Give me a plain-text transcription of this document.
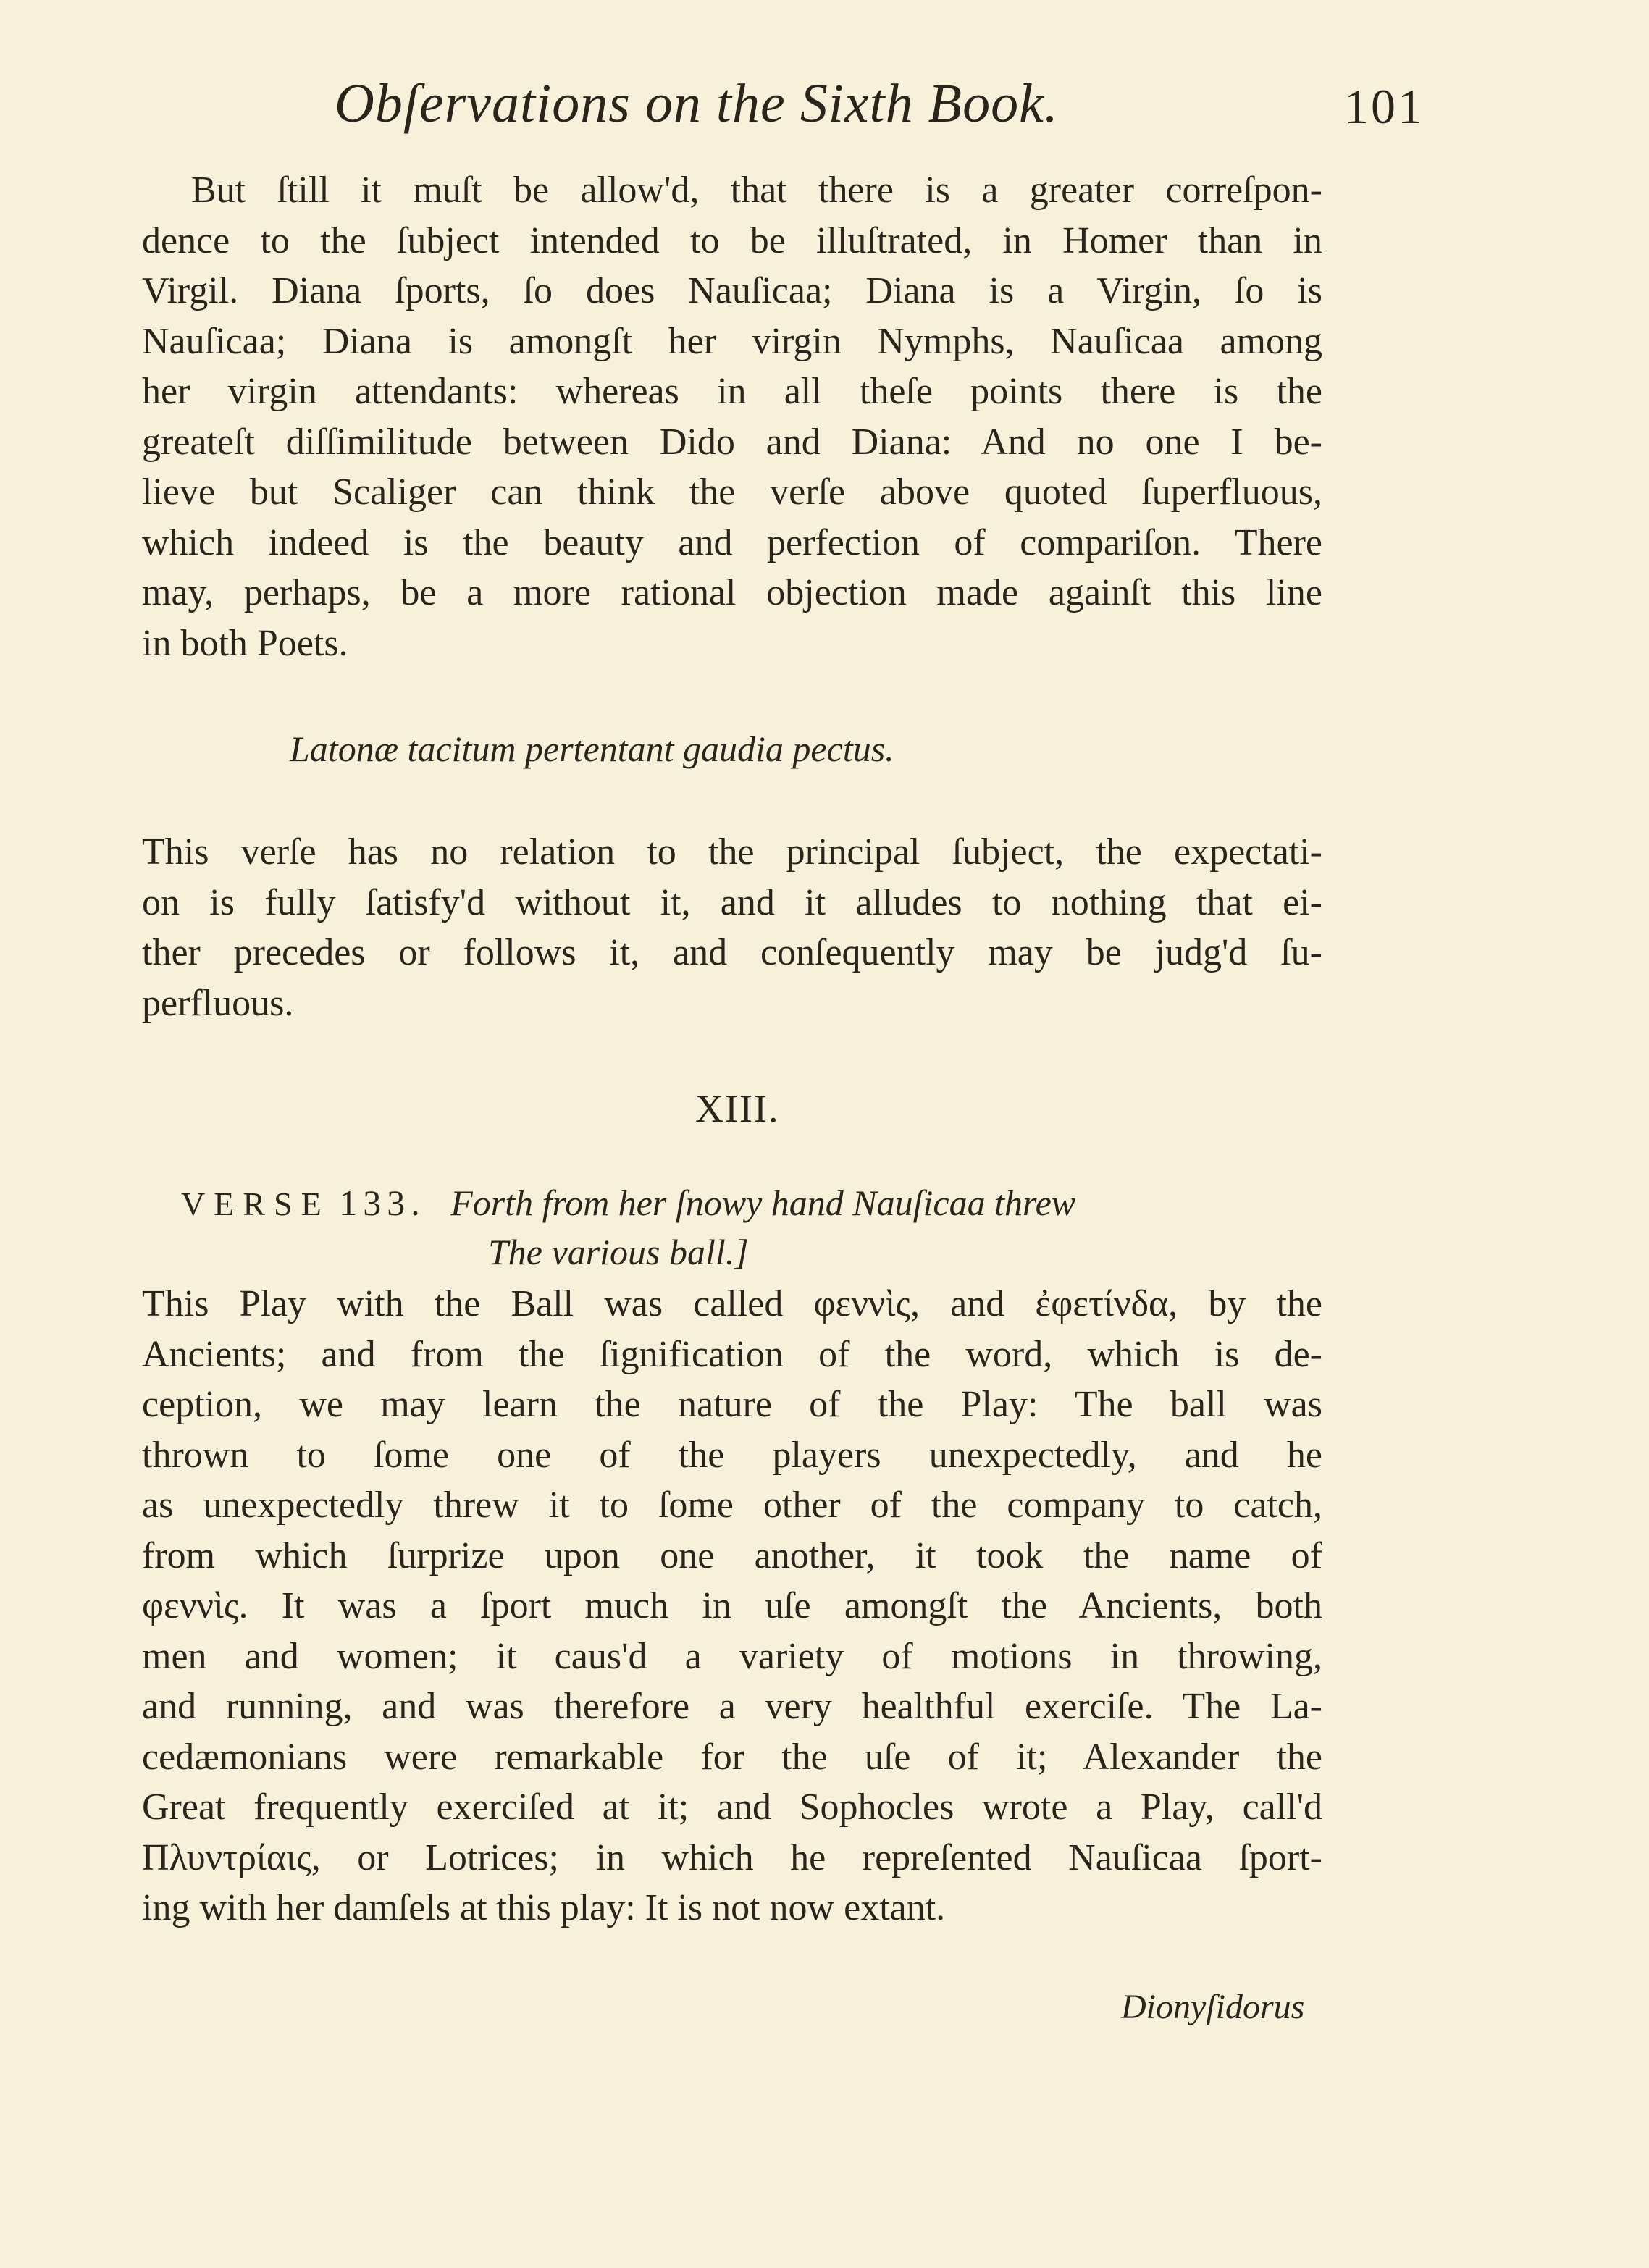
Obſervations on the Sixth Book.	101
But ſtill it muſt be allow'd, that there is a greater correſpon-
dence to the ſubject intended to be illuſtrated, in Homer than in
Virgil. Diana ſports, ſo does Nauſicaa; Diana is a Virgin, ſo is
Nauſicaa; Diana is amongſt her virgin Nymphs, Nauſicaa among
her virgin attendants: whereas in all theſe points there is the
greateſt diſſimilitude between Dido and Diana: And no one I be-
lieve but Scaliger can think the verſe above quoted ſuperfluous,
which indeed is the beauty and perfection of compariſon. There
may, perhaps, be a more rational objection made againſt this line
in both Poets.
Latonæ tacitum pertentant gaudia pectus.
This verſe has no relation to the principal ſubject, the expectati-
on is fully ſatisfy'd without it, and it alludes to nothing that ei-
ther precedes or follows it, and conſequently may be judg'd ſu-
perfluous.
XIII.
VERSE 133. Forth from her ſnowy hand Nauſicaa threw
The various ball.]
This Play with the Ball was called φεννὶς, and ἐφετίνδα, by the
Ancients; and from the ſignification of the word, which is de-
ception, we may learn the nature of the Play: The ball was
thrown to ſome one of the players unexpectedly, and he
as unexpectedly threw it to ſome other of the company to catch,
from which ſurprize upon one another, it took the name of
φεννὶς. It was a ſport much in uſe amongſt the Ancients, both
men and women; it caus'd a variety of motions in throwing,
and running, and was therefore a very healthful exerciſe. The La-
cedæmonians were remarkable for the uſe of it; Alexander the
Great frequently exerciſed at it; and Sophocles wrote a Play, call'd
Πλυντρίαις, or Lotrices; in which he repreſented Nauſicaa ſport-
ing with her damſels at this play: It is not now extant.
Dionyſidorus
